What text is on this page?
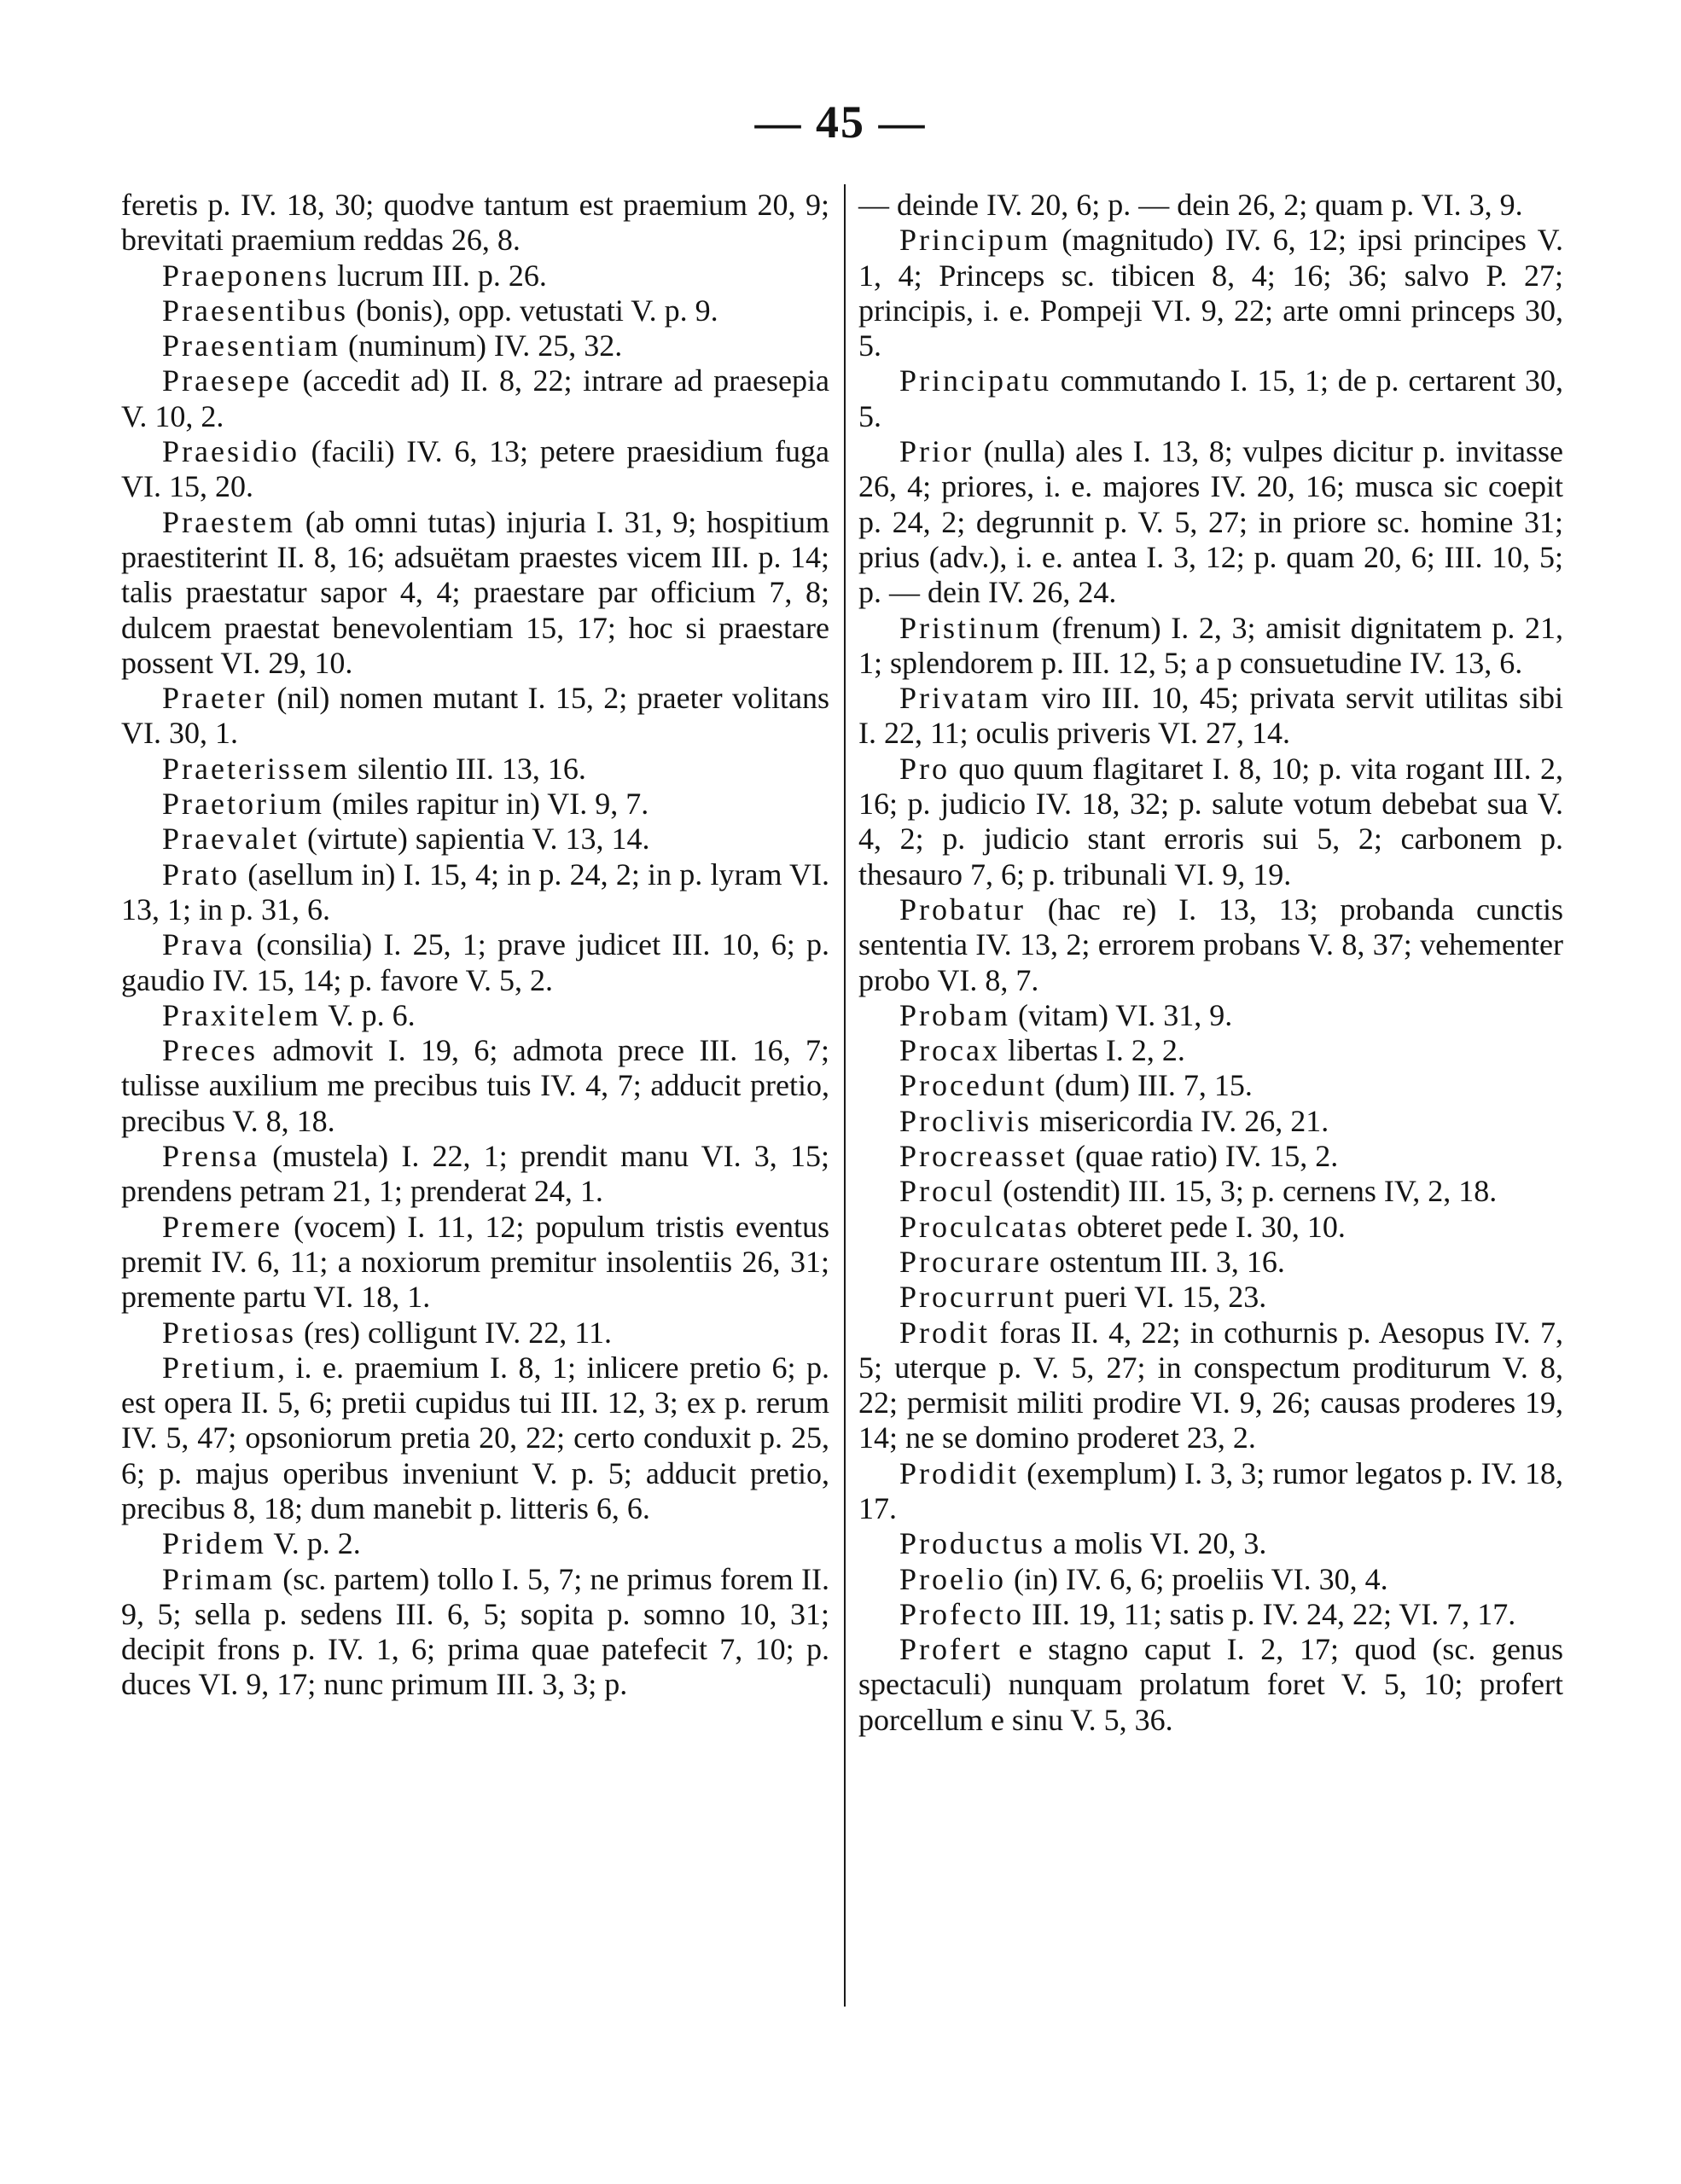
— 45 —

feretis p. IV. 18, 30; quodve tantum est praemium 20, 9; brevitati praemium reddas 26, 8.

Praeponens lucrum III. p. 26.

Praesentibus (bonis), opp. vetustati V. p. 9.

Praesentiam (numinum) IV. 25, 32.

Praesepe (accedit ad) II. 8, 22; intrare ad praesepia V. 10, 2.

Praesidio (facili) IV. 6, 13; petere praesidium fuga VI. 15, 20.

Praestem (ab omni tutas) injuria I. 31, 9; hospitium praestiterint II. 8, 16; adsuëtam praestes vicem III. p. 14; talis praestatur sapor 4, 4; praestare par officium 7, 8; dulcem praestat benevolentiam 15, 17; hoc si praestare possent VI. 29, 10.

Praeter (nil) nomen mutant I. 15, 2; praeter volitans VI. 30, 1.

Praeterissem silentio III. 13, 16.

Praetorium (miles rapitur in) VI. 9, 7.

Praevalet (virtute) sapientia V. 13, 14.

Prato (asellum in) I. 15, 4; in p. 24, 2; in p. lyram VI. 13, 1; in p. 31, 6.

Prava (consilia) I. 25, 1; prave judicet III. 10, 6; p. gaudio IV. 15, 14; p. favore V. 5, 2.

Praxitelem V. p. 6.

Preces admovit I. 19, 6; admota prece III. 16, 7; tulisse auxilium me precibus tuis IV. 4, 7; adducit pretio, precibus V. 8, 18.

Prensa (mustela) I. 22, 1; prendit manu VI. 3, 15; prendens petram 21, 1; prenderat 24, 1.

Premere (vocem) I. 11, 12; populum tristis eventus premit IV. 6, 11; a noxiorum premitur insolentiis 26, 31; premente partu VI. 18, 1.

Pretiosas (res) colligunt IV. 22, 11.

Pretium, i. e. praemium I. 8, 1; inlicere pretio 6; p. est opera II. 5, 6; pretii cupidus tui III. 12, 3; ex p. rerum IV. 5, 47; opsoniorum pretia 20, 22; certo conduxit p. 25, 6; p. majus operibus inveniunt V. p. 5; adducit pretio, precibus 8, 18; dum manebit p. litteris 6, 6.

Pridem V. p. 2.

Primam (sc. partem) tollo I. 5, 7; ne primus forem II. 9, 5; sella p. sedens III. 6, 5; sopita p. somno 10, 31; decipit frons p. IV. 1, 6; prima quae patefecit 7, 10; p. duces VI. 9, 17; nunc primum III. 3, 3; p.

— deinde IV. 20, 6; p. — dein 26, 2; quam p. VI. 3, 9.

Principum (magnitudo) IV. 6, 12; ipsi principes V. 1, 4; Princeps sc. tibicen 8, 4; 16; 36; salvo P. 27; principis, i. e. Pompeji VI. 9, 22; arte omni princeps 30, 5.

Principatu commutando I. 15, 1; de p. certarent 30, 5.

Prior (nulla) ales I. 13, 8; vulpes dicitur p. invitasse 26, 4; priores, i. e. majores IV. 20, 16; musca sic coepit p. 24, 2; degrunnit p. V. 5, 27; in priore sc. homine 31; prius (adv.), i. e. antea I. 3, 12; p. quam 20, 6; III. 10, 5; p. — dein IV. 26, 24.

Pristinum (frenum) I. 2, 3; amisit dignitatem p. 21, 1; splendorem p. III. 12, 5; a p consuetudine IV. 13, 6.

Privatam viro III. 10, 45; privata servit utilitas sibi I. 22, 11; oculis priveris VI. 27, 14.

Pro quo quum flagitaret I. 8, 10; p. vita rogant III. 2, 16; p. judicio IV. 18, 32; p. salute votum debebat sua V. 4, 2; p. judicio stant erroris sui 5, 2; carbonem p. thesauro 7, 6; p. tribunali VI. 9, 19.

Probatur (hac re) I. 13, 13; probanda cunctis sententia IV. 13, 2; errorem probans V. 8, 37; vehementer probo VI. 8, 7.

Probam (vitam) VI. 31, 9.

Procax libertas I. 2, 2.

Procedunt (dum) III. 7, 15.

Proclivis misericordia IV. 26, 21.

Procreasset (quae ratio) IV. 15, 2.

Procul (ostendit) III. 15, 3; p. cernens IV, 2, 18.

Proculcatas obteret pede I. 30, 10.

Procurare ostentum III. 3, 16.

Procurrunt pueri VI. 15, 23.

Prodit foras II. 4, 22; in cothurnis p. Aesopus IV. 7, 5; uterque p. V. 5, 27; in conspectum proditurum V. 8, 22; permisit militi prodire VI. 9, 26; causas proderes 19, 14; ne se domino proderet 23, 2.

Prodidit (exemplum) I. 3, 3; rumor legatos p. IV. 18, 17.

Productus a molis VI. 20, 3.

Proelio (in) IV. 6, 6; proeliis VI. 30, 4.

Profecto III. 19, 11; satis p. IV. 24, 22; VI. 7, 17.

Profert e stagno caput I. 2, 17; quod (sc. genus spectaculi) nunquam prolatum foret V. 5, 10; profert porcellum e sinu V. 5, 36.
